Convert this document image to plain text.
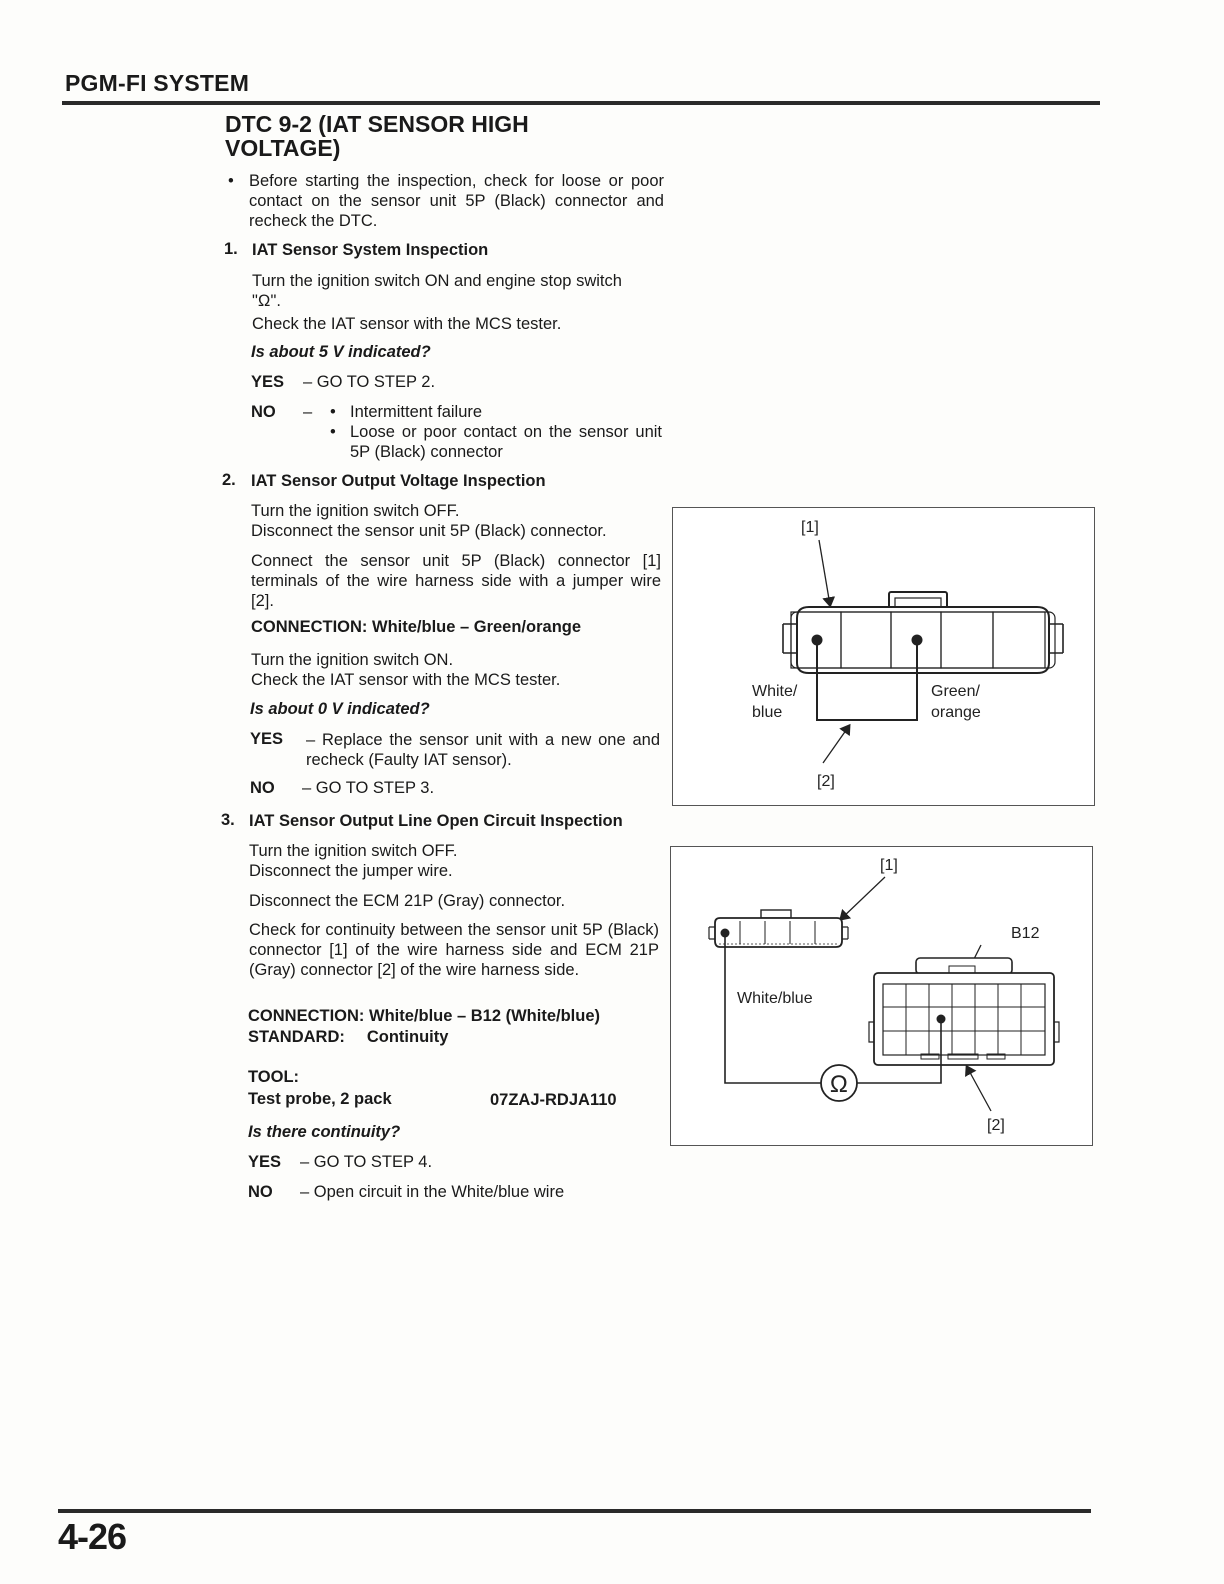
PGM-FI SYSTEM
DTC 9-2 (IAT SENSOR HIGH
VOLTAGE)
• Before starting the inspection, check for loose or poor contact on the sensor unit 5P (Black) connector and recheck the DTC.
1. IAT Sensor System Inspection
Turn the ignition switch ON and engine stop switch
"Ω".
Check the IAT sensor with the MCS tester.
Is about 5 V indicated?
YES – GO TO STEP 2.
NO –	• Intermittent failure
• Loose or poor contact on the sensor unit 5P (Black) connector
2. IAT Sensor Output Voltage Inspection
Turn the ignition switch OFF.
Disconnect the sensor unit 5P (Black) connector.
Connect the sensor unit 5P (Black) connector [1] terminals of the wire harness side with a jumper wire [2].
CONNECTION: White/blue – Green/orange
Turn the ignition switch ON.
Check the IAT sensor with the MCS tester.
Is about 0 V indicated?
YES – Replace the sensor unit with a new one and recheck (Faulty IAT sensor).
NO – GO TO STEP 3.
3. IAT Sensor Output Line Open Circuit Inspection
Turn the ignition switch OFF.
Disconnect the jumper wire.
Disconnect the ECM 21P (Gray) connector.
Check for continuity between the sensor unit 5P (Black) connector [1] of the wire harness side and ECM 21P (Gray) connector [2] of the wire harness side.
CONNECTION: White/blue – B12 (White/blue)
STANDARD: Continuity
TOOL:
Test probe, 2 pack	07ZAJ-RDJA110
Is there continuity?
YES – GO TO STEP 4.
NO – Open circuit in the White/blue wire
[1]
White/
blue
Green/
orange
[2]
[1]
B12
White/blue
Ω
[2]
4-26
